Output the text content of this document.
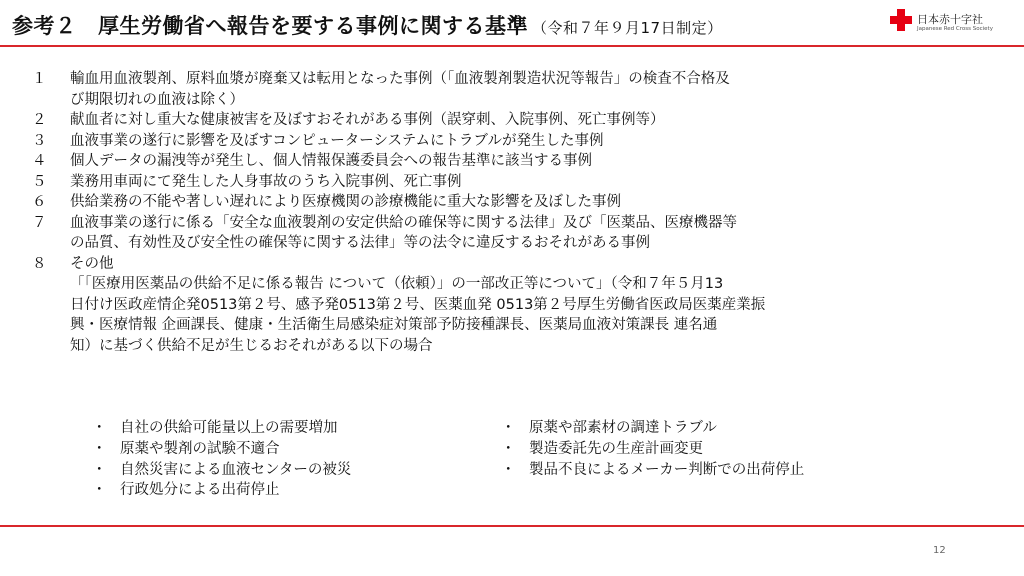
参考２　厚生労働省へ報告を要する事例に関する基準 （令和７年９月17日制定）	日本赤十字社
Japanese Red Cross Society
１	輸血用血液製剤、原料血漿が廃棄又は転用となった事例（「血液製剤製造状況等報告」の検査不合格及
び期限切れの血液は除く）
２	献血者に対し重大な健康被害を及ぼすおそれがある事例（誤穿刺、入院事例、死亡事例等）
３	血液事業の遂行に影響を及ぼすコンピューターシステムにトラブルが発生した事例
４	個人データの漏洩等が発生し、個人情報保護委員会への報告基準に該当する事例
５	業務用車両にて発生した人身事故のうち入院事例、死亡事例
６	供給業務の不能や著しい遅れにより医療機関の診療機能に重大な影響を及ぼした事例
７	血液事業の遂行に係る「安全な血液製剤の安定供給の確保等に関する法律」及び「医薬品、医療機器等
の品質、有効性及び安全性の確保等に関する法律」等の法令に違反するおそれがある事例
８	その他
「「医療用医薬品の供給不足に係る報告 について（依頼）」の一部改正等について」（令和７年５月13
日付け医政産情企発0513第２号、感予発0513第２号、医薬血発 0513第２号厚生労働省医政局医薬産業振
興・医療情報 企画課長、健康・生活衛生局感染症対策部予防接種課長、医薬局血液対策課長 連名通
知）に基づく供給不足が生じるおそれがある以下の場合
・ 自社の供給可能量以上の需要増加
・ 原薬や製剤の試験不適合
・ 自然災害による血液センターの被災
・ 行政処分による出荷停止
・ 原薬や部素材の調達トラブル
・ 製造委託先の生産計画変更
・ 製品不良によるメーカー判断での出荷停止
12
